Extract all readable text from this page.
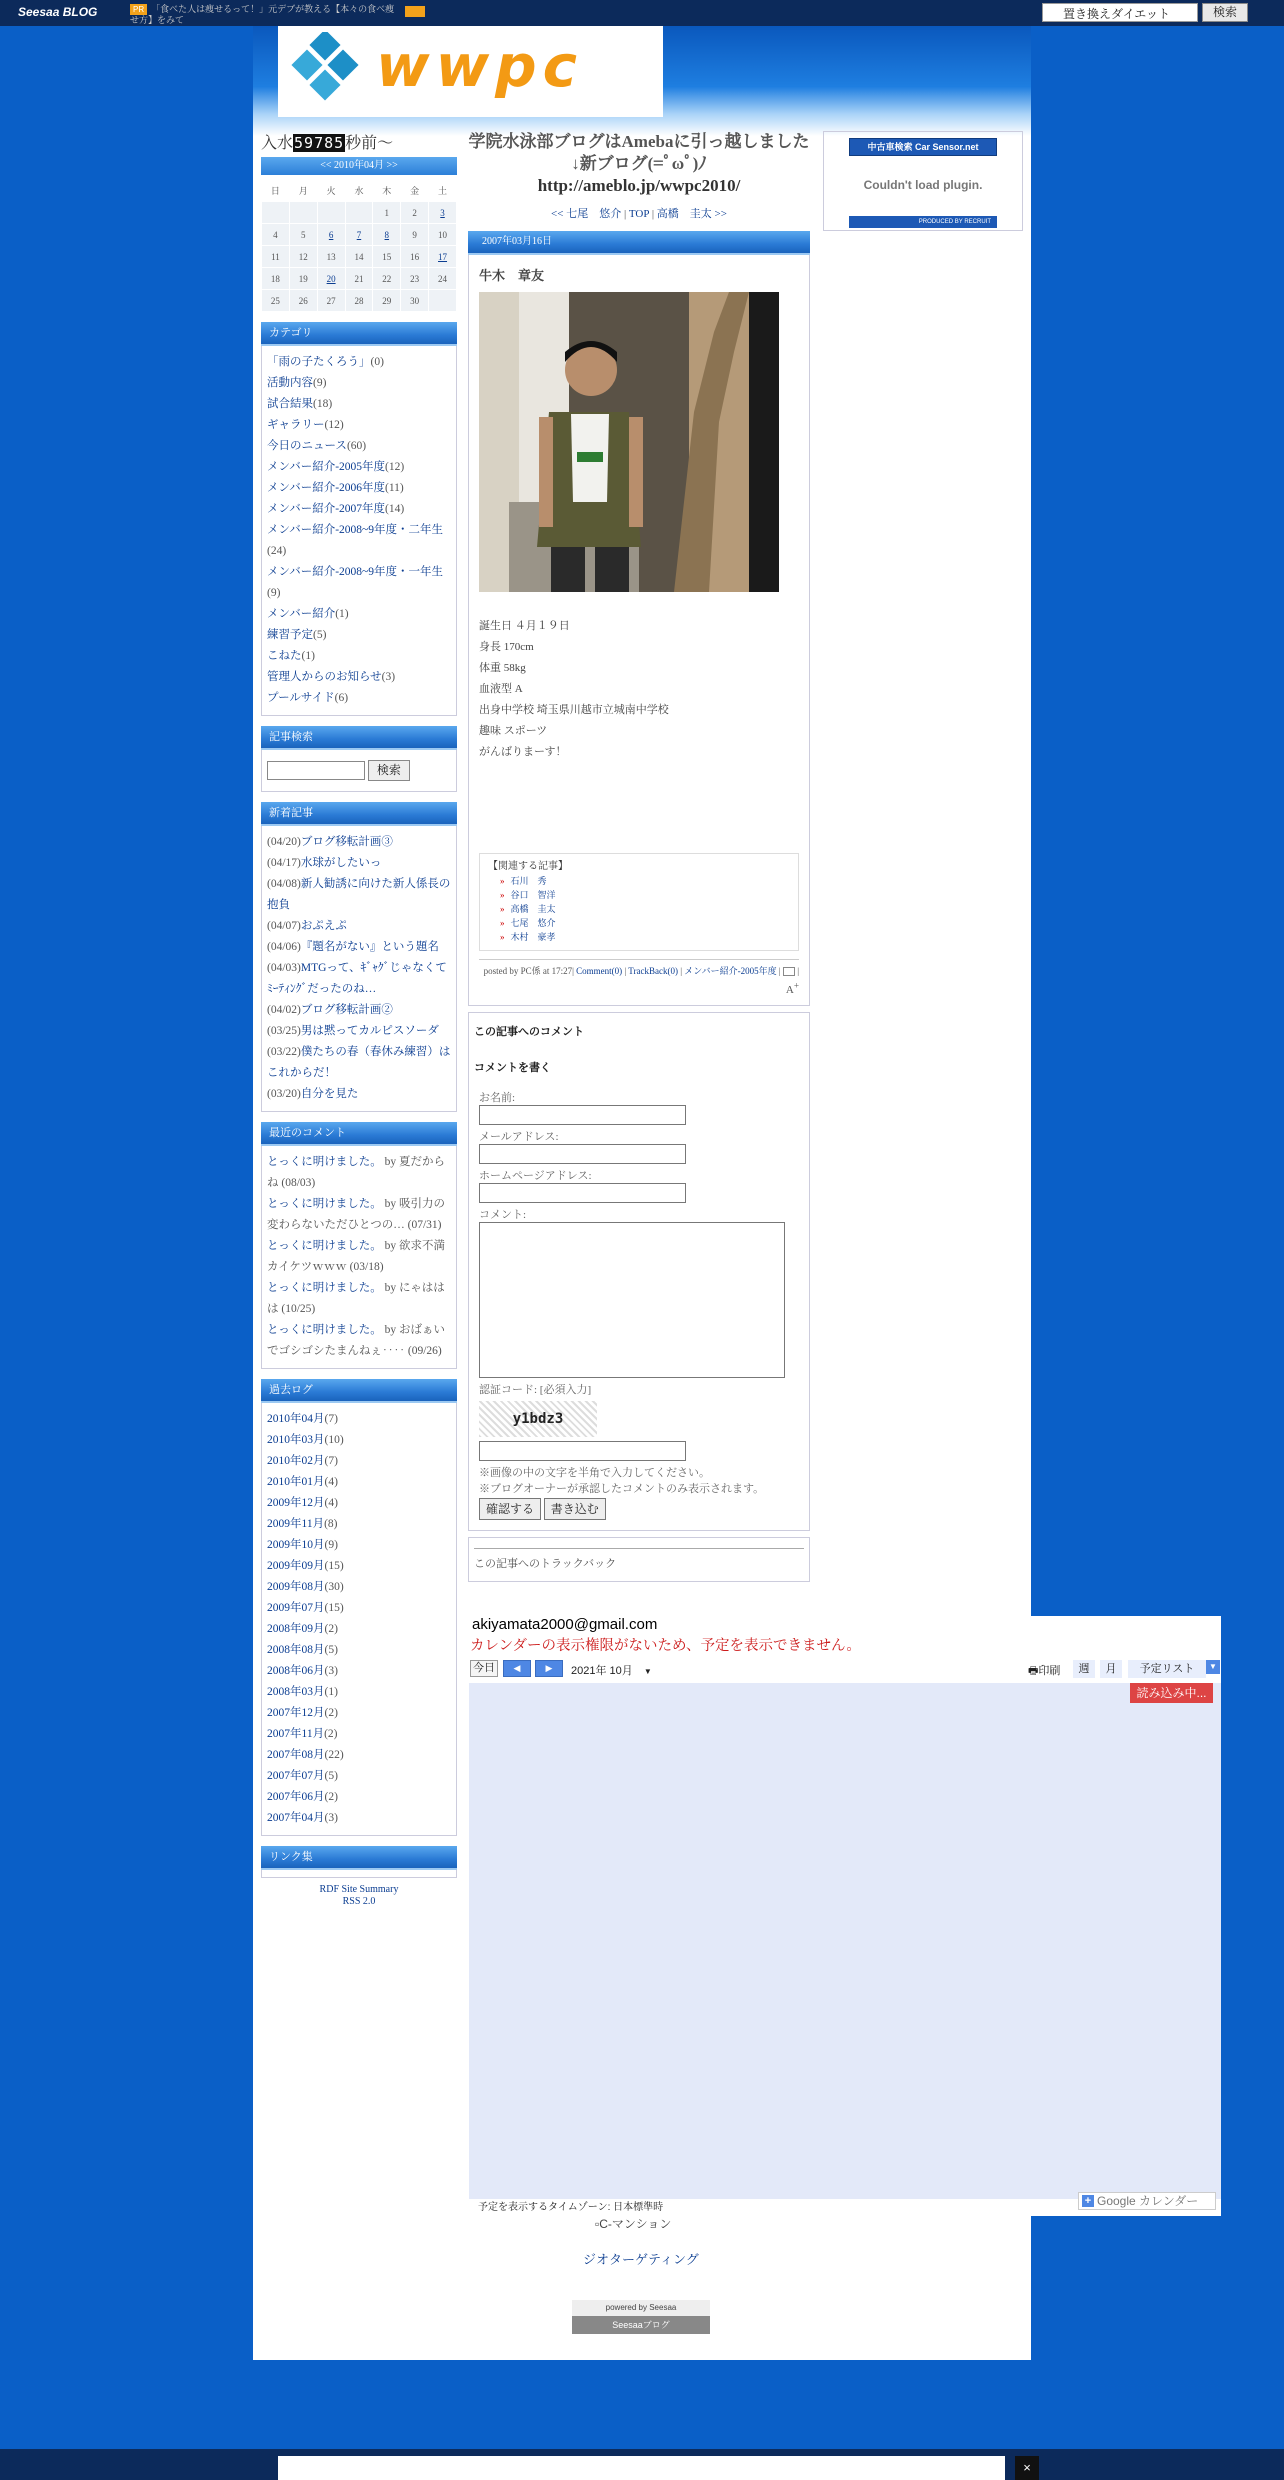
Seesaa BLOG	PR 「食べた人は痩せるって！」元デブが教える【本々の食べ痩せ方】をみて	置き換えダイエット	検索
wwpc
入水59785秒前～
<< 2010年04月 >>
日	月	火	水	木	金	土
				1	2	3
4	5	6	7	8	9	10
11	12	13	14	15	16	17
18	19	20	21	22	23	24
25	26	27	28	29	30	
カテゴリ
「雨の子たくろう」(0)
活動内容(9)
試合結果(18)
ギャラリー(12)
今日のニュース(60)
メンバー紹介-2005年度(12)
メンバー紹介-2006年度(11)
メンバー紹介-2007年度(14)
メンバー紹介-2008~9年度・二年生(24)
メンバー紹介-2008~9年度・一年生(9)
メンバー紹介(1)
練習予定(5)
こねた(1)
管理人からのお知らせ(3)
プールサイド(6)
記事検索
検索
新着記事
(04/20)ブログ移転計画③
(04/17)水球がしたいっ
(04/08)新人勧誘に向けた新人係長の抱負
(04/07)おぷえぷ
(04/06)『題名がない』という題名
(04/03)MTGって、ｷﾞｬｸﾞじゃなくてﾐｰﾃｨﾝｸﾞだったのね…
(04/02)ブログ移転計画②
(03/25)男は黙ってカルピスソーダ
(03/22)僕たちの春（春休み練習）はこれからだ！
(03/20)自分を見た
最近のコメント
とっくに明けました。 by 夏だからね (08/03)
とっくに明けました。 by 吸引力の変わらないただひとつの… (07/31)
とっくに明けました。 by 欲求不満カイケツｗｗｗ (03/18)
とっくに明けました。 by にゃははは (10/25)
とっくに明けました。 by おばぁいでゴシゴシたまんねぇ‥‥ (09/26)
過去ログ
2010年04月(7)
2010年03月(10)
2010年02月(7)
2010年01月(4)
2009年12月(4)
2009年11月(8)
2009年10月(9)
2009年09月(15)
2009年08月(30)
2009年07月(15)
2008年09月(2)
2008年08月(5)
2008年06月(3)
2008年03月(1)
2007年12月(2)
2007年11月(2)
2007年08月(22)
2007年07月(5)
2007年06月(2)
2007年04月(3)
リンク集
RDF Site Summary
RSS 2.0
学院水泳部ブログはAmebaに引っ越しました ↓新ブログ(=ﾟωﾟ)ﾉ
http://ameblo.jp/wwpc2010/
<< 七尾　悠介 | TOP | 高橋　圭太 >>
2007年03月16日
牛木　章友
誕生日 ４月１９日
身長 170cm
体重 58kg
血液型 A
出身中学校 埼玉県川越市立城南中学校
趣味 スポーツ
がんばりまーす！
【関連する記事】
» 石川　秀
» 谷口　智洋
» 高橋　圭太
» 七尾　悠介
» 木村　豪孝
posted by PC係 at 17:27| Comment(0) | TrackBack(0) | メンバー紹介-2005年度 |  | A+
この記事へのコメント
コメントを書く
お名前:
メールアドレス:
ホームページアドレス:
コメント:
認証コード: [必須入力]
y1bdz3
※画像の中の文字を半角で入力してください。
※ブログオーナーが承認したコメントのみ表示されます。
確認する 書き込む
この記事へのトラックバック
中古車検索 Car Sensor.net
Couldn't load plugin.
PRODUCED BY RECRUIT
akiyamata2000@gmail.com
カレンダーの表示権限がないため、予定を表示できません。
今日	◀	▶	2021年 10月 ▼	🖶印刷	週	月	予定リスト	▼
読み込み中...
予定を表示するタイムゾーン: 日本標準時
+ Google カレンダー
▫C-マンション
ジオターゲティング
powered by Seesaa
Seesaaブログ
×
